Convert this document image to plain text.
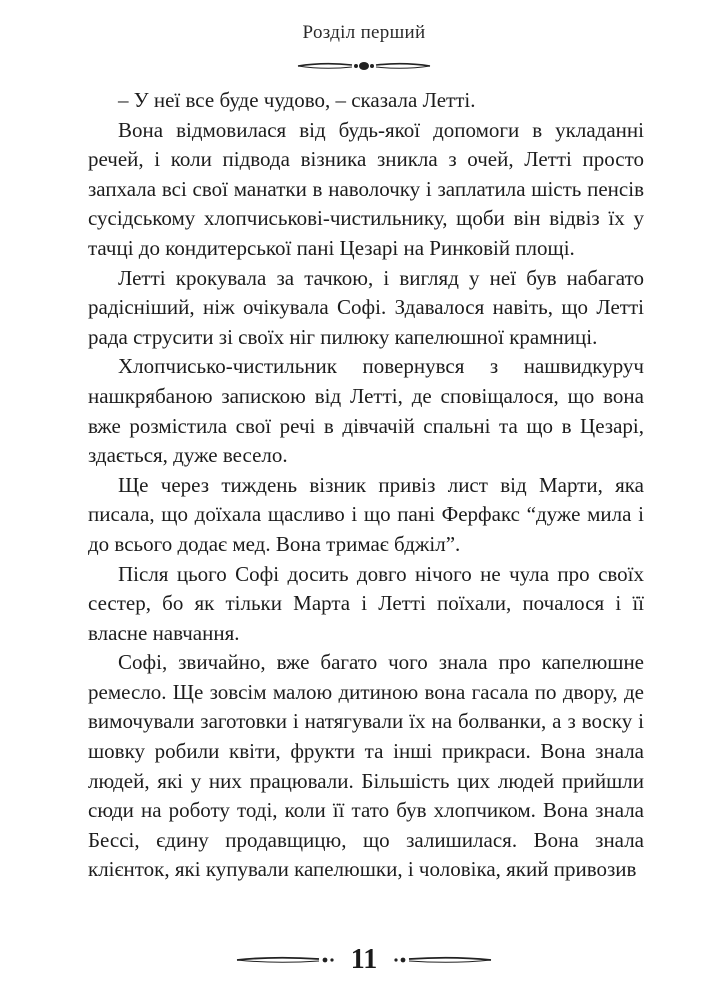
Розділ перший

– У неї все буде чудово, – сказала Летті.

Вона відмовилася від будь-якої допомоги в укладанні речей, і коли підвода візника зникла з очей, Летті просто запхала всі свої манатки в наволочку і заплатила шість пенсів сусідському хлопчиськові-чистильнику, щоби він відвіз їх у тачці до кондитерської пані Цезарі на Ринковій площі.

Летті крокувала за тачкою, і вигляд у неї був набагато радісніший, ніж очікувала Софі. Здавалося навіть, що Летті рада струсити зі своїх ніг пилюку капелюшної крамниці.

Хлопчисько-чистильник повернувся з нашвидкуруч нашкрябаною запискою від Летті, де сповіщалося, що вона вже розмістила свої речі в дівчачій спальні та що в Цезарі, здається, дуже весело.

Ще через тиждень візник привіз лист від Марти, яка писала, що доїхала щасливо і що пані Ферфакс “дуже мила і до всього додає мед. Вона тримає бджіл”.

Після цього Софі досить довго нічого не чула про своїх сестер, бо як тільки Марта і Летті поїхали, почалося і її власне навчання.

Софі, звичайно, вже багато чого знала про капелюшне ремесло. Ще зовсім малою дитиною вона гасала по двору, де вимочували заготовки і натягували їх на болванки, а з воску і шовку робили квіти, фрукти та інші прикраси. Вона знала людей, які у них працювали. Більшість цих людей прийшли сюди на роботу тоді, коли її тато був хлопчиком. Вона знала Бессі, єдину продавщицю, що залишилася. Вона знала клієнток, які купували капелюшки, і чоловіка, який привозив

11
